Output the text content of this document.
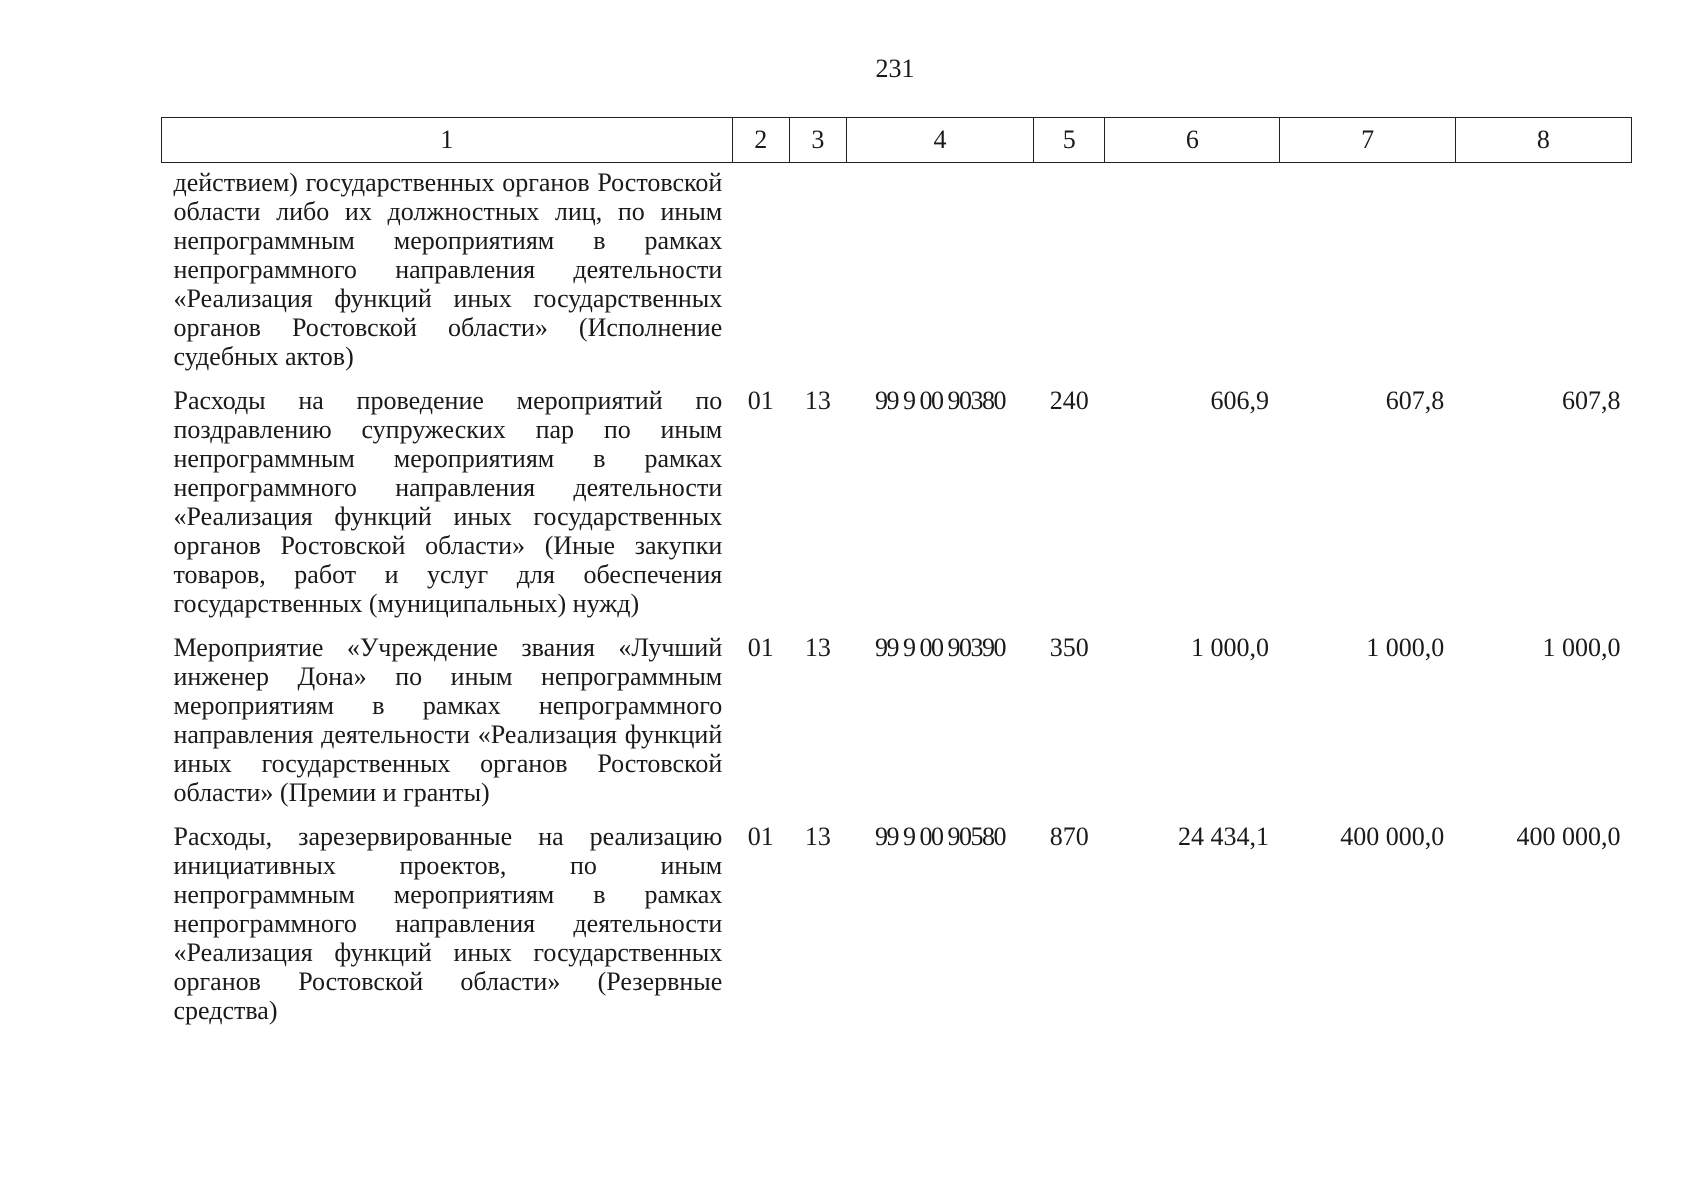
231
1	2	3	4	5	6	7	8
действием) государственных органов Ростовской области либо их должностных лиц, по иным непрограммным мероприятиям в рамках непрограммного направления деятельности «Реализация функций иных государственных органов Ростовской области» (Исполнение судебных актов)							
Расходы на проведение мероприятий по поздравлению супружеских пар по иным непрограммным мероприятиям в рамках непрограммного направления деятельности «Реализация функций иных государственных органов Ростовской области» (Иные закупки товаров, работ и услуг для обеспечения государственных (муниципальных) нужд)	01	13	99 9 00 90380	240	606,9	607,8	607,8
Мероприятие «Учреждение звания «Лучший инженер Дона» по иным непрограммным мероприятиям в рамках непрограммного направления деятельности «Реализация функций иных государственных органов Ростовской области» (Премии и гранты)	01	13	99 9 00 90390	350	1 000,0	1 000,0	1 000,0
Расходы, зарезервированные на реализацию инициативных проектов, по иным непрограммным мероприятиям в рамках непрограммного направления деятельности «Реализация функций иных государственных органов Ростовской области» (Резервные средства)	01	13	99 9 00 90580	870	24 434,1	400 000,0	400 000,0
